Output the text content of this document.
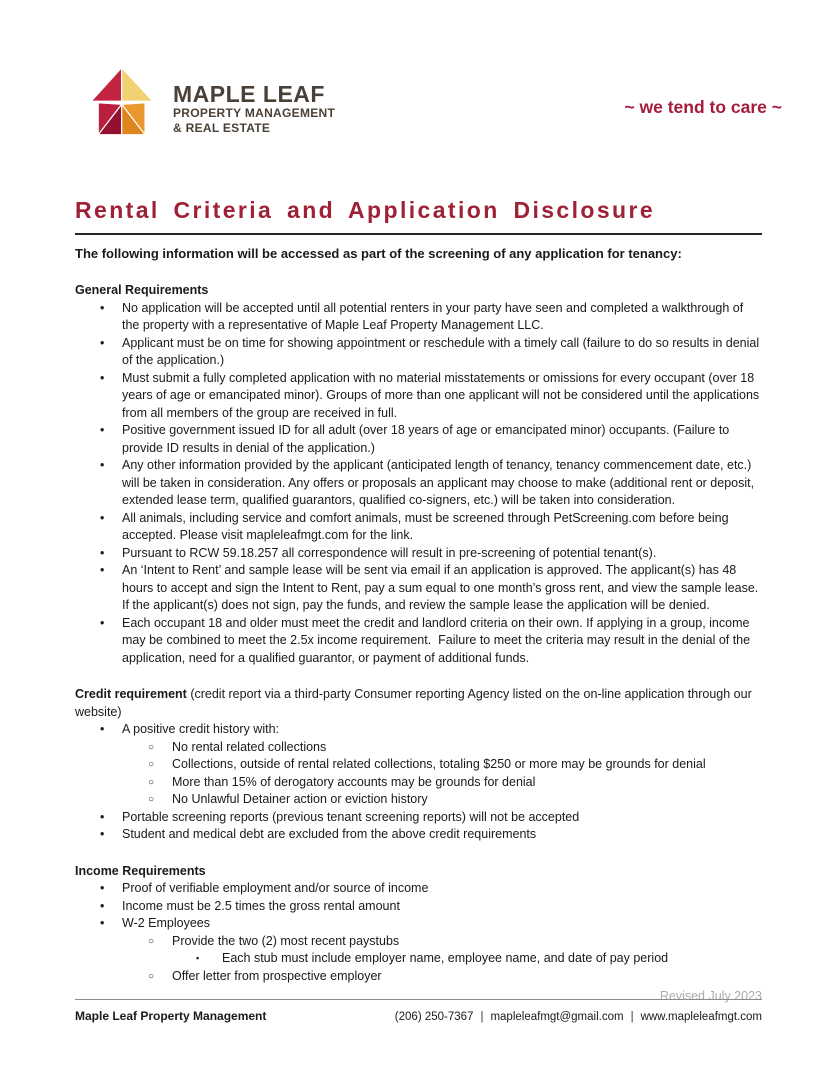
MAPLE LEAF
PROPERTY MANAGEMENT
& REAL ESTATE
~ we tend to care ~
Rental Criteria and Application Disclosure

The following information will be accessed as part of the screening of any application for tenancy:

General Requirements
•	No application will be accepted until all potential renters in your party have seen and completed a walkthrough of the property with a representative of Maple Leaf Property Management LLC.
•	Applicant must be on time for showing appointment or reschedule with a timely call (failure to do so results in denial of the application.)
•	Must submit a fully completed application with no material misstatements or omissions for every occupant (over 18 years of age or emancipated minor). Groups of more than one applicant will not be considered until the applications from all members of the group are received in full.
•	Positive government issued ID for all adult (over 18 years of age or emancipated minor) occupants. (Failure to provide ID results in denial of the application.)
•	Any other information provided by the applicant (anticipated length of tenancy, tenancy commencement date, etc.) will be taken in consideration. Any offers or proposals an applicant may choose to make (additional rent or deposit, extended lease term, qualified guarantors, qualified co-signers, etc.) will be taken into consideration.
•	All animals, including service and comfort animals, must be screened through PetScreening.com before being accepted. Please visit mapleleafmgt.com for the link.
•	Pursuant to RCW 59.18.257 all correspondence will result in pre-screening of potential tenant(s).
•	An ‘Intent to Rent’ and sample lease will be sent via email if an application is approved. The applicant(s) has 48 hours to accept and sign the Intent to Rent, pay a sum equal to one month’s gross rent, and view the sample lease. If the applicant(s) does not sign, pay the funds, and review the sample lease the application will be denied.
•	Each occupant 18 and older must meet the credit and landlord criteria on their own. If applying in a group, income may be combined to meet the 2.5x income requirement.  Failure to meet the criteria may result in the denial of the application, need for a qualified guarantor, or payment of additional funds.
Credit requirement (credit report via a third-party Consumer reporting Agency listed on the on-line application through our website)
•	A positive credit history with:
○	No rental related collections
○	Collections, outside of rental related collections, totaling $250 or more may be grounds for denial
○	More than 15% of derogatory accounts may be grounds for denial
○	No Unlawful Detainer action or eviction history
•	Portable screening reports (previous tenant screening reports) will not be accepted
•	Student and medical debt are excluded from the above credit requirements
Income Requirements
•	Proof of verifiable employment and/or source of income
•	Income must be 2.5 times the gross rental amount
•	W-2 Employees
○	Provide the two (2) most recent paystubs
▪	Each stub must include employer name, employee name, and date of pay period
○	Offer letter from prospective employer
Revised July 2023
Maple Leaf Property Management	(206) 250-7367 | mapleleafmgt@gmail.com | www.mapleleafmgt.com
